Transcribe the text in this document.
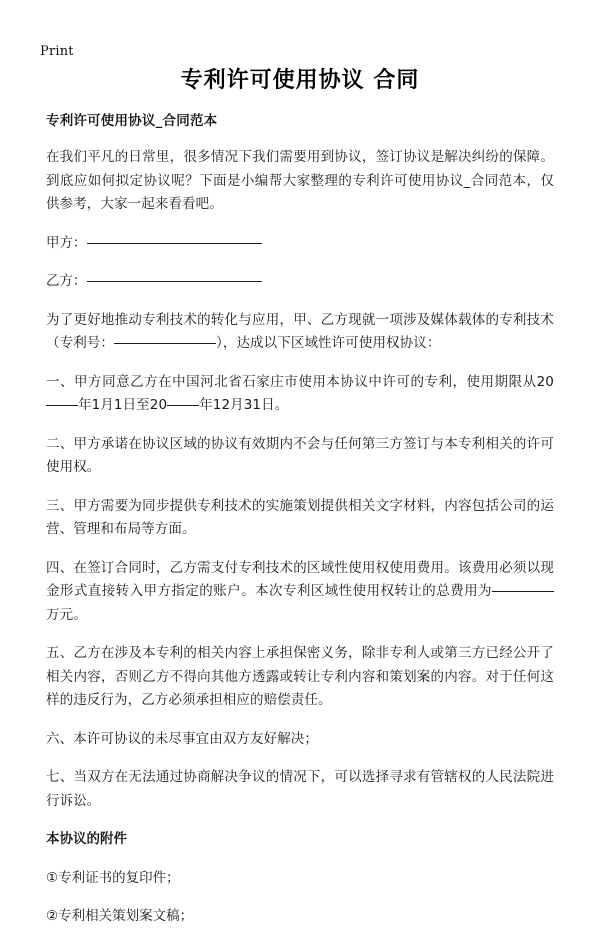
Print
专利许可使用协议 合同
专利许可使用协议_合同范本

在我们平凡的日常里，很多情况下我们需要用到协议，签订协议是解决纠纷的保障。到底应如何拟定协议呢？下面是小编帮大家整理的专利许可使用协议_合同范本，仅供参考，大家一起来看看吧。

甲方：
乙方：

为了更好地推动专利技术的转化与应用，甲、乙方现就一项涉及媒体载体的专利技术（专利号：	），达成以下区域性许可使用权协议：

一、甲方同意乙方在中国河北省石家庄市使用本协议中许可的专利，使用期限从20年1月1日至20 年12月31日。

二、甲方承诺在协议区域的协议有效期内不会与任何第三方签订与本专利相关的许可使用权。

三、甲方需要为同步提供专利技术的实施策划提供相关文字材料，内容包括公司的运营、管理和布局等方面。

四、在签订合同时，乙方需支付专利技术的区域性使用权使用费用。该费用必须以现金形式直接转入甲方指定的账户。本次专利区域性使用权转让的总费用为万元。

五、乙方在涉及本专利的相关内容上承担保密义务，除非专利人或第三方已经公开了相关内容，否则乙方不得向其他方透露或转让专利内容和策划案的内容。对于任何这样的违反行为，乙方必须承担相应的赔偿责任。

六、本许可协议的未尽事宜由双方友好解决；

七、当双方在无法通过协商解决争议的情况下，可以选择寻求有管辖权的人民法院进行诉讼。

本协议的附件
①专利证书的复印件；
②专利相关策划案文稿；
